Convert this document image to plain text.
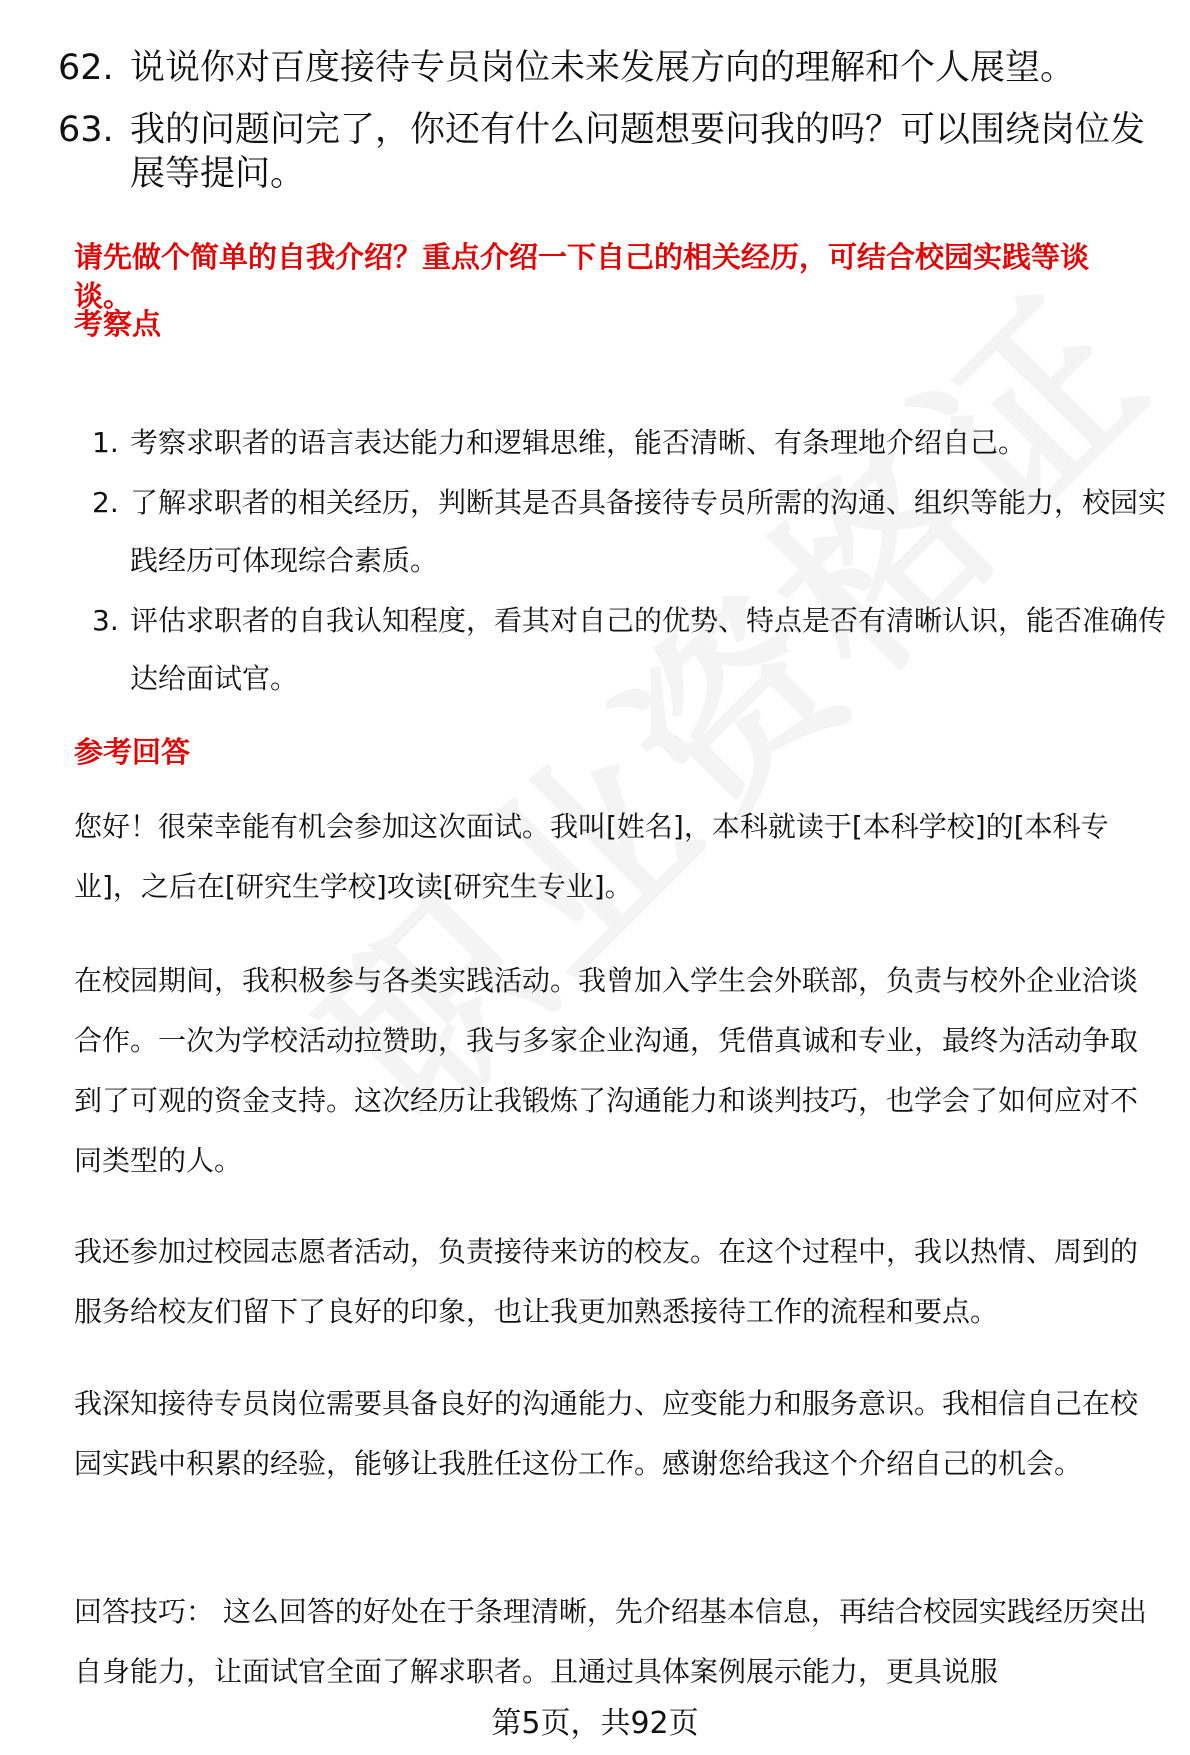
62. 说说你对百度接待专员岗位未来发展方向的理解和个人展望。
63. 我的问题问完了，你还有什么问题想要问我的吗？可以围绕岗位发展等提问。
请先做个简单的自我介绍？重点介绍一下自己的相关经历，可结合校园实践等谈谈。
考察点
1. 考察求职者的语言表达能力和逻辑思维，能否清晰、有条理地介绍自己。
2. 了解求职者的相关经历，判断其是否具备接待专员所需的沟通、组织等能力，校园实践经历可体现综合素质。
3. 评估求职者的自我认知程度，看其对自己的优势、特点是否有清晰认识，能否准确传达给面试官。
参考回答

您好！很荣幸能有机会参加这次面试。我叫[姓名]，本科就读于[本科学校]的[本科专业]，之后在[研究生学校]攻读[研究生专业]。

在校园期间，我积极参与各类实践活动。我曾加入学生会外联部，负责与校外企业洽谈合作。一次为学校活动拉赞助，我与多家企业沟通，凭借真诚和专业，最终为活动争取到了可观的资金支持。这次经历让我锻炼了沟通能力和谈判技巧，也学会了如何应对不同类型的人。

我还参加过校园志愿者活动，负责接待来访的校友。在这个过程中，我以热情、周到的服务给校友们留下了良好的印象，也让我更加熟悉接待工作的流程和要点。

我深知接待专员岗位需要具备良好的沟通能力、应变能力和服务意识。我相信自己在校园实践中积累的经验，能够让我胜任这份工作。感谢您给我这个介绍自己的机会。

回答技巧： 这么回答的好处在于条理清晰，先介绍基本信息，再结合校园实践经历突出自身能力，让面试官全面了解求职者。且通过具体案例展示能力，更具说服

第5页，共92页
